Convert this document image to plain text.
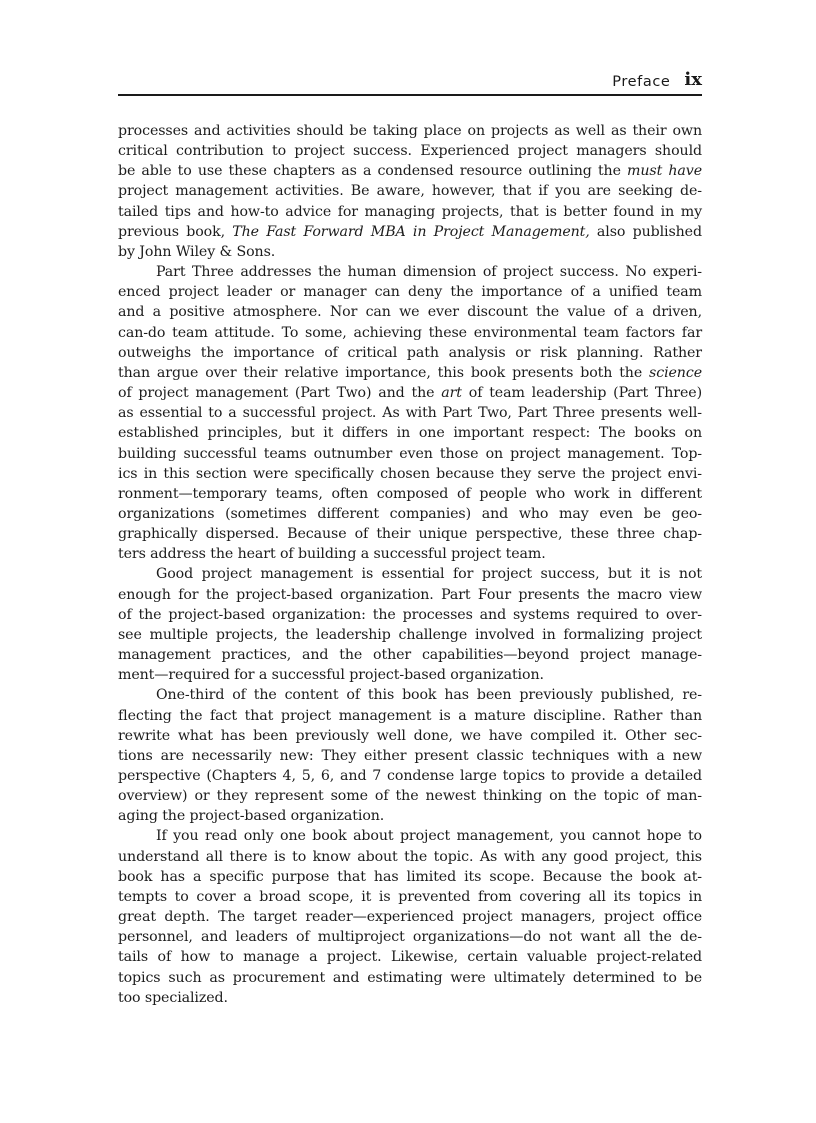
Preface ix

processes and activities should be taking place on projects as well as their own

critical contribution to project success. Experienced project managers should

be able to use these chapters as a condensed resource outlining the must have

project management activities. Be aware, however, that if you are seeking de-

tailed tips and how-to advice for managing projects, that is better found in my

previous book, The Fast Forward MBA in Project Management, also published

by John Wiley & Sons.

Part Three addresses the human dimension of project success. No experi-

enced project leader or manager can deny the importance of a unified team

and a positive atmosphere. Nor can we ever discount the value of a driven,

can-do team attitude. To some, achieving these environmental team factors far

outweighs the importance of critical path analysis or risk planning. Rather

than argue over their relative importance, this book presents both the science

of project management (Part Two) and the art of team leadership (Part Three)

as essential to a successful project. As with Part Two, Part Three presents well-

established principles, but it differs in one important respect: The books on

building successful teams outnumber even those on project management. Top-

ics in this section were specifically chosen because they serve the project envi-

ronment—temporary teams, often composed of people who work in different

organizations (sometimes different companies) and who may even be geo-

graphically dispersed. Because of their unique perspective, these three chap-

ters address the heart of building a successful project team.

Good project management is essential for project success, but it is not

enough for the project-based organization. Part Four presents the macro view

of the project-based organization: the processes and systems required to over-

see multiple projects, the leadership challenge involved in formalizing project

management practices, and the other capabilities—beyond project manage-

ment—required for a successful project-based organization.

One-third of the content of this book has been previously published, re-

flecting the fact that project management is a mature discipline. Rather than

rewrite what has been previously well done, we have compiled it. Other sec-

tions are necessarily new: They either present classic techniques with a new

perspective (Chapters 4, 5, 6, and 7 condense large topics to provide a detailed

overview) or they represent some of the newest thinking on the topic of man-

aging the project-based organization.

If you read only one book about project management, you cannot hope to

understand all there is to know about the topic. As with any good project, this

book has a specific purpose that has limited its scope. Because the book at-

tempts to cover a broad scope, it is prevented from covering all its topics in

great depth. The target reader—experienced project managers, project office

personnel, and leaders of multiproject organizations—do not want all the de-

tails of how to manage a project. Likewise, certain valuable project-related

topics such as procurement and estimating were ultimately determined to be

too specialized.
